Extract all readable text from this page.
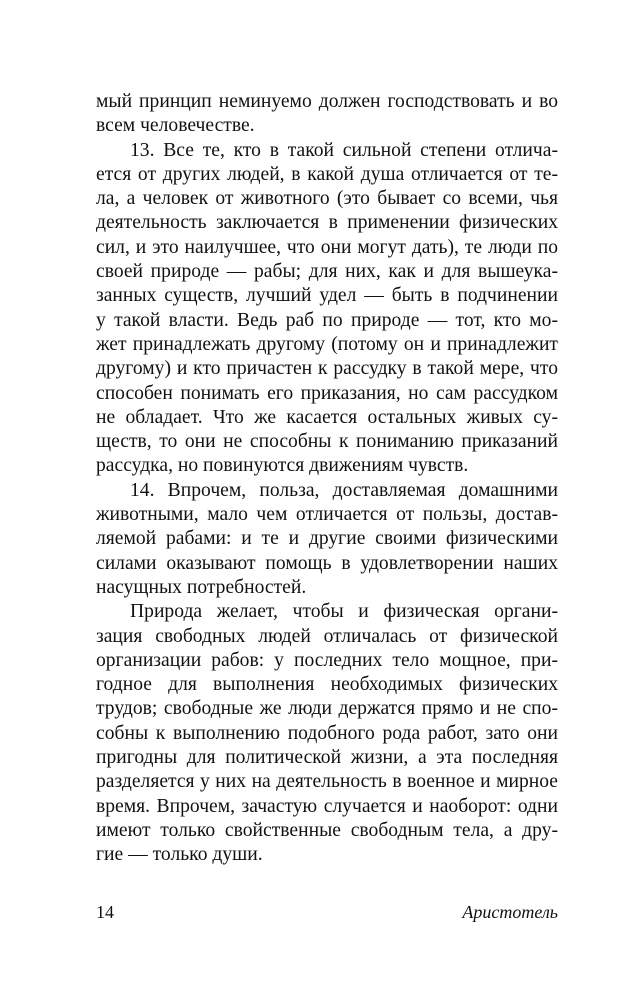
мый принцип неминуемо должен господствовать и во
всем человечестве.
13. Все те, кто в такой сильной степени отлича-
ется от других людей, в какой душа отличается от те-
ла, а человек от животного (это бывает со всеми, чья
деятельность заключается в применении физических
сил, и это наилучшее, что они могут дать), те люди по
своей природе — рабы; для них, как и для вышеука-
занных существ, лучший удел — быть в подчинении
у такой власти. Ведь раб по природе — тот, кто мо-
жет принадлежать другому (потому он и принадлежит
другому) и кто причастен к рассудку в такой мере, что
способен понимать его приказания, но сам рассудком
не обладает. Что же касается остальных живых су-
ществ, то они не способны к пониманию приказаний
рассудка, но повинуются движениям чувств.
14. Впрочем, польза, доставляемая домашними
животными, мало чем отличается от пользы, достав-
ляемой рабами: и те и другие своими физическими
силами оказывают помощь в удовлетворении наших
насущных потребностей.
Природа желает, чтобы и физическая органи-
зация свободных людей отличалась от физической
организации рабов: у последних тело мощное, при-
годное для выполнения необходимых физических
трудов; свободные же люди держатся прямо и не спо-
собны к выполнению подобного рода работ, зато они
пригодны для политической жизни, а эта последняя
разделяется у них на деятельность в военное и мирное
время. Впрочем, зачастую случается и наоборот: одни
имеют только свойственные свободным тела, а дру-
гие — только души.
14	Аристотель
